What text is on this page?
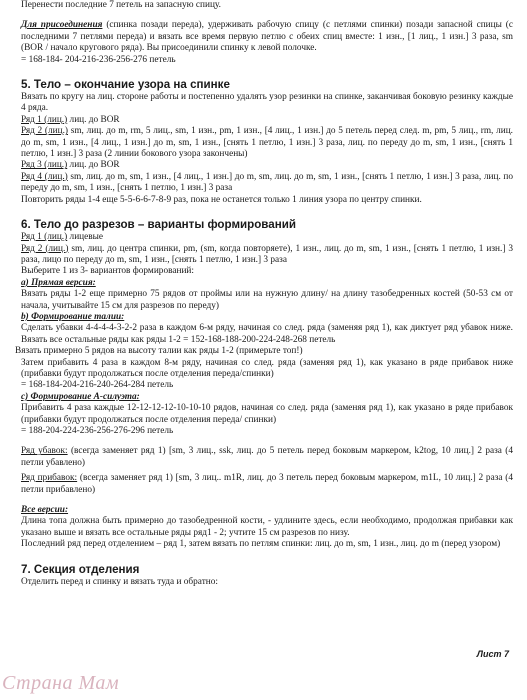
Перенести последние 7 петель на запасную спицу.

Для присоединения (спинка позади переда), удерживать рабочую спицу (с петлями спинки) позади запасной спицы (с последними 7 петлями переда) и вязать все время первую петлю с обеих спиц вместе: 1 изн., [1 лиц., 1 изн.] 3 раза, sm (BOR / начало кругового ряда). Вы присоединили спинку к левой полочке.

= 168-184- 204-216-236-256-276 петель

5. Тело – окончание узора на спинке

Вязать по кругу на лиц. стороне работы и постепенно удалять узор резинки на спинке, заканчивая боковую резинку каждые 4 ряда.

Ряд 1 (лиц.) лиц. до BOR

Ряд 2 (лиц.) sm, лиц. до m, rm, 5 лиц., sm, 1 изн., pm, 1 изн., [4 лиц., 1 изн.] до 5 петель перед след. m, pm, 5 лиц., rm, лиц. до m, sm, 1 изн., [4 лиц., 1 изн.] до m, sm, 1 изн., [снять 1 петлю, 1 изн.] 3 раза, лиц. по переду до m, sm, 1 изн., [снять 1 петлю, 1 изн.] 3 раза (2 линии бокового узора закончены)

Ряд 3 (лиц.) лиц. до BOR

Ряд 4 (лиц.) sm, лиц. до m, sm, 1 изн., [4 лиц., 1 изн.] до m, sm, лиц. до m, sm, 1 изн., [снять 1 петлю, 1 изн.] 3 раза, лиц. по переду до m, sm, 1 изн., [снять 1 петлю, 1 изн.] 3 раза

Повторить ряды 1-4 еще 5-5-6-6-7-8-9 раз, пока не останется только 1 линия узора по центру спинки.

6. Тело до разрезов – варианты формирований

Ряд 1 (лиц.) лицевые

Ряд 2 (лиц.) sm, лиц. до центра спинки, pm, (sm, когда повторяете), 1 изн., лиц. до m, sm, 1 изн., [снять 1 петлю, 1 изн.] 3 раза, лицо по переду до m, sm, 1 изн., [снять 1 петлю, 1 изн.] 3 раза

Выберите 1 из 3- вариантов формирований:

а) Прямая версия:

Вязать ряды 1-2 еще примерно 75 рядов от проймы или на нужную длину/ на длину тазобедренных костей (50-53 см от начала, учитывайте 15 см для разрезов по переду)

b) Формирование талии:

Сделать убавки 4-4-4-4-3-2-2 раза в каждом 6-м ряду, начиная со след. ряда (заменяя ряд 1), как диктует ряд убавок ниже. Вязать все остальные ряды как ряды 1-2 = 152-168-188-200-224-248-268 петель

Вязать примерно 5 рядов на высоту талии как ряды 1-2 (примерьте топ!)

Затем прибавить 4 раза в каждом 8-м ряду, начиная со след. ряда (заменяя ряд 1), как указано в ряде прибавок ниже (прибавки будут продолжаться после отделения переда/спинки)

= 168-184-204-216-240-264-284 петель

с) Формирование А-силуэта:

Прибавить 4 раза каждые 12-12-12-12-10-10-10 рядов, начиная со след. ряда (заменяя ряд 1), как указано в ряде прибавок (прибавки будут продолжаться после отделения переда/ спинки)

= 188-204-224-236-256-276-296 петель

Ряд убавок: (всегда заменяет ряд 1) [sm, 3 лиц., ssk, лиц. до 5 петель перед боковым маркером, k2tog, 10 лиц.] 2 раза (4 петли убавлено)

Ряд прибавок: (всегда заменяет ряд 1) [sm, 3 лиц.. m1R, лиц. до 3 петель перед боковым маркером, m1L, 10 лиц.] 2 раза (4 петли прибавлено)

Все версии:

Длина топа должна быть примерно до тазобедренной кости, - удлините здесь, если необходимо, продолжая прибавки как указано выше и вязать все остальные ряды ряд1 - 2; учтите 15 см разрезов по низу.

Последний ряд перед отделением – ряд 1, затем вязать по петлям спинки: лиц. до m, sm, 1 изн., лиц. до m (перед узором)

7. Секция отделения

Отделить перед и спинку и вязать туда и обратно:

Лист 7
Страна Мам
